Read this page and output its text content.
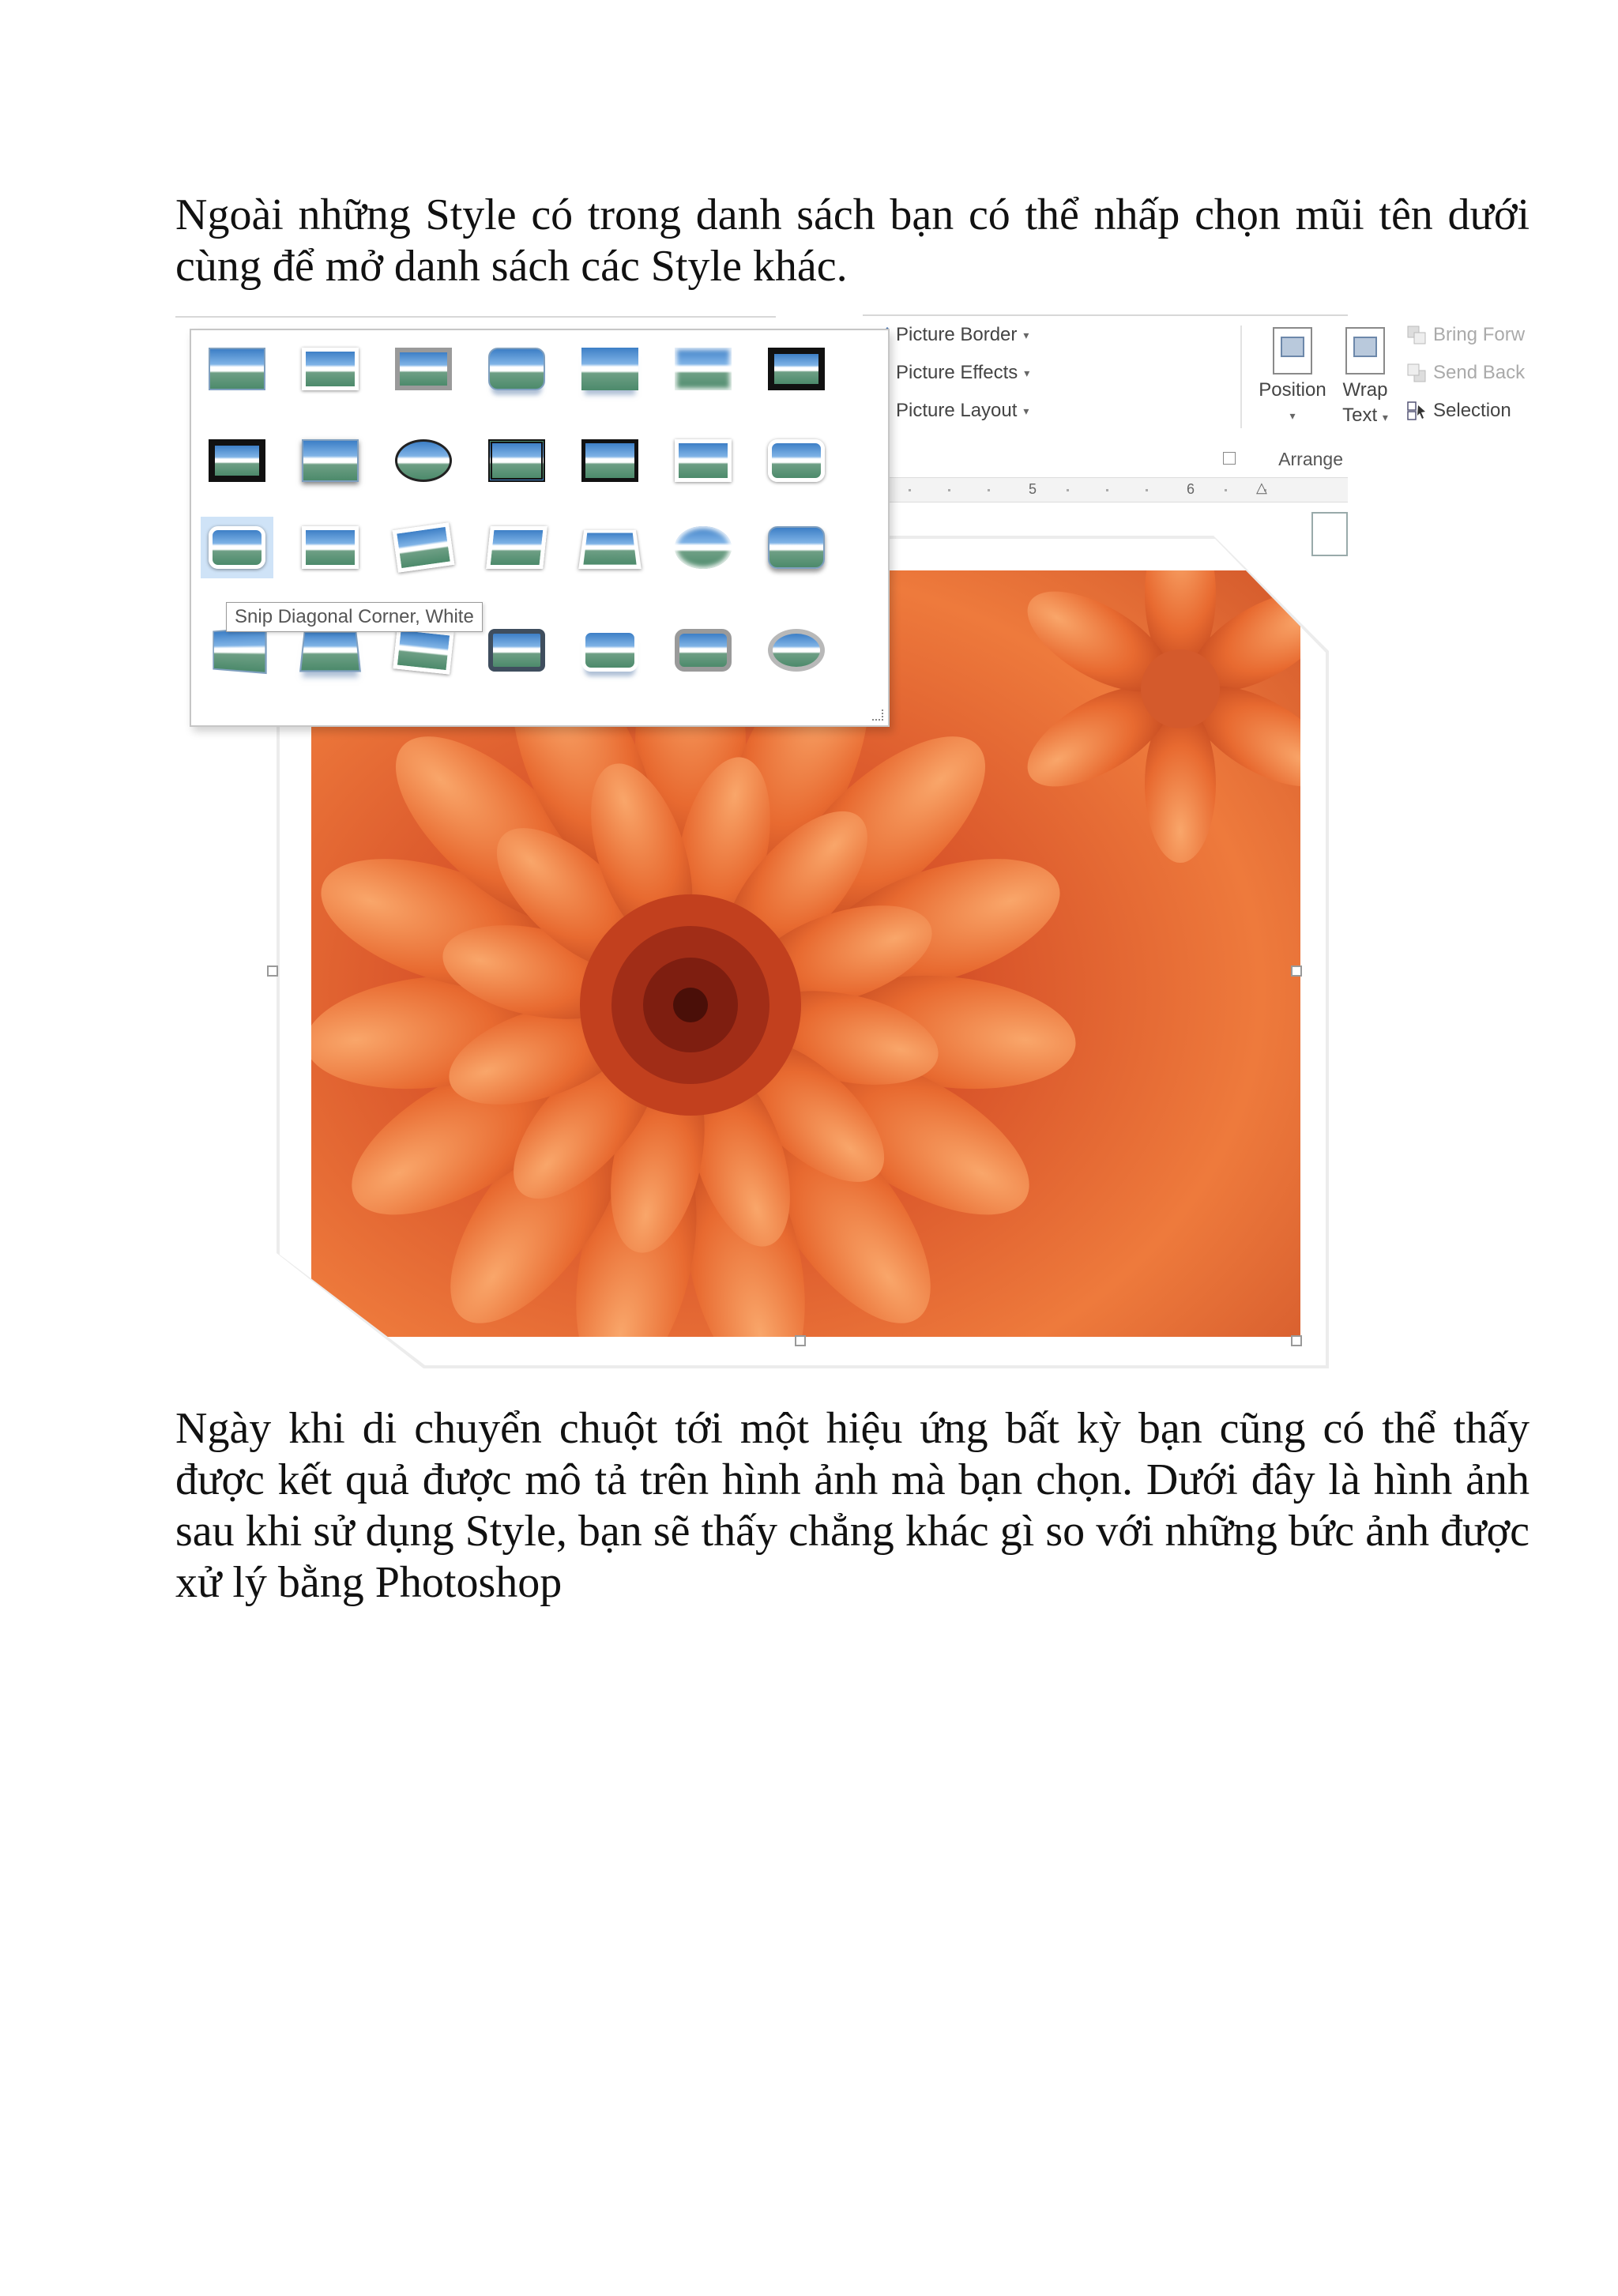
Ngoài những Style có trong danh sách bạn có thể nhấp chọn mũi tên dưới cùng để mở danh sách các Style khác.

Picture Border ▾
Picture Effects ▾
Picture Layout ▾
Position
▾
Wrap
Text ▾
Bring Forw
Send Back
Selection
Arrange
5	6	△
Snip Diagonal Corner, White

Ngày khi di chuyển chuột tới một hiệu ứng bất kỳ bạn cũng có thể thấy được kết quả được mô tả trên hình ảnh mà bạn chọn. Dưới đây là hình ảnh sau khi sử dụng Style, bạn sẽ thấy chẳng khác gì so với những bức ảnh được xử lý bằng Photoshop
